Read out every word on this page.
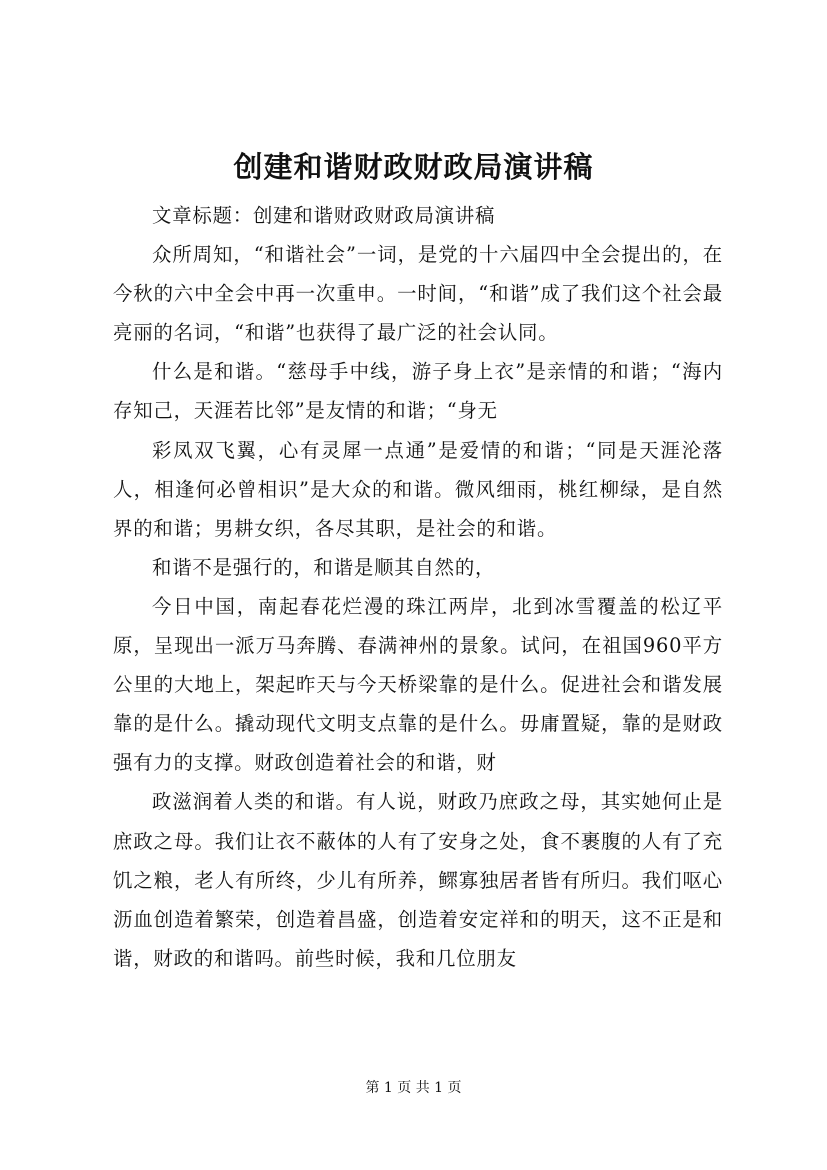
创建和谐财政财政局演讲稿

文章标题：创建和谐财政财政局演讲稿

众所周知，“和谐社会”一词，是党的十六届四中全会提出的，在今秋的六中全会中再一次重申。一时间，“和谐”成了我们这个社会最亮丽的名词，“和谐”也获得了最广泛的社会认同。

什么是和谐。“慈母手中线，游子身上衣”是亲情的和谐；“海内存知己，天涯若比邻”是友情的和谐；“身无

彩凤双飞翼，心有灵犀一点通”是爱情的和谐；“同是天涯沦落人，相逢何必曾相识”是大众的和谐。微风细雨，桃红柳绿，是自然界的和谐；男耕女织，各尽其职，是社会的和谐。

和谐不是强行的，和谐是顺其自然的，

今日中国，南起春花烂漫的珠江两岸，北到冰雪覆盖的松辽平原，呈现出一派万马奔腾、春满神州的景象。试问，在祖国960平方公里的大地上，架起昨天与今天桥梁靠的是什么。促进社会和谐发展靠的是什么。撬动现代文明支点靠的是什么。毋庸置疑，靠的是财政强有力的支撑。财政创造着社会的和谐，财

政滋润着人类的和谐。有人说，财政乃庶政之母，其实她何止是庶政之母。我们让衣不蔽体的人有了安身之处，食不裹腹的人有了充饥之粮，老人有所终，少儿有所养，鳏寡独居者皆有所归。我们呕心沥血创造着繁荣，创造着昌盛，创造着安定祥和的明天，这不正是和谐，财政的和谐吗。前些时候，我和几位朋友

第 1 页 共 1 页
